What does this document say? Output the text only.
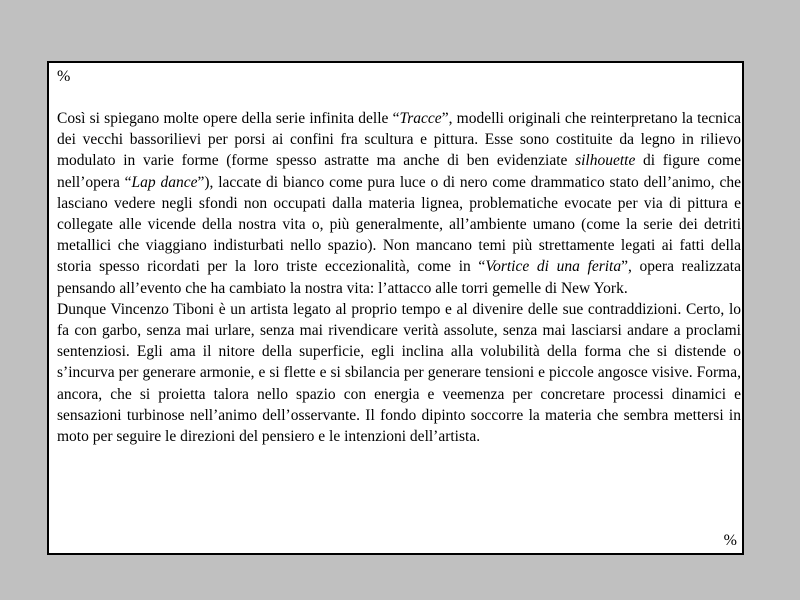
%

Così si spiegano molte opere della serie infinita delle “Tracce”, modelli originali che reinterpretano la tecnica dei vecchi bassorilievi per porsi ai confini fra scultura e pittura. Esse sono costituite da legno in rilievo modulato in varie forme (forme spesso astratte ma anche di ben evidenziate silhouette di figure come nell’opera “Lap dance”), laccate di bianco come pura luce o di nero come drammatico stato dell’animo, che lasciano vedere negli sfondi non occupati dalla materia lignea, problematiche evocate per via di pittura e collegate alle vicende della nostra vita o, più generalmente, all’ambiente umano (come la serie dei detriti metallici che viaggiano indisturbati nello spazio). Non mancano temi più strettamente legati ai fatti della storia spesso ricordati per la loro triste eccezionalità, come in “Vortice di una ferita”, opera realizzata pensando all’evento che ha cambiato la nostra vita: l’attacco alle torri gemelle di New York.

Dunque Vincenzo Tiboni è un artista legato al proprio tempo e al divenire delle sue contraddizioni. Certo, lo fa con garbo, senza mai urlare, senza mai rivendicare verità assolute, senza mai lasciarsi andare a proclami sentenziosi. Egli ama il nitore della superficie, egli inclina alla volubilità della forma che si distende o s’incurva per generare armonie, e si flette e si sbilancia per generare tensioni e piccole angosce visive. Forma, ancora, che si proietta talora nello spazio con energia e veemenza per concretare processi dinamici e sensazioni turbinose nell’animo dell’osservante. Il fondo dipinto soccorre la materia che sembra mettersi in moto per seguire le direzioni del pensiero e le intenzioni dell’artista.

%
